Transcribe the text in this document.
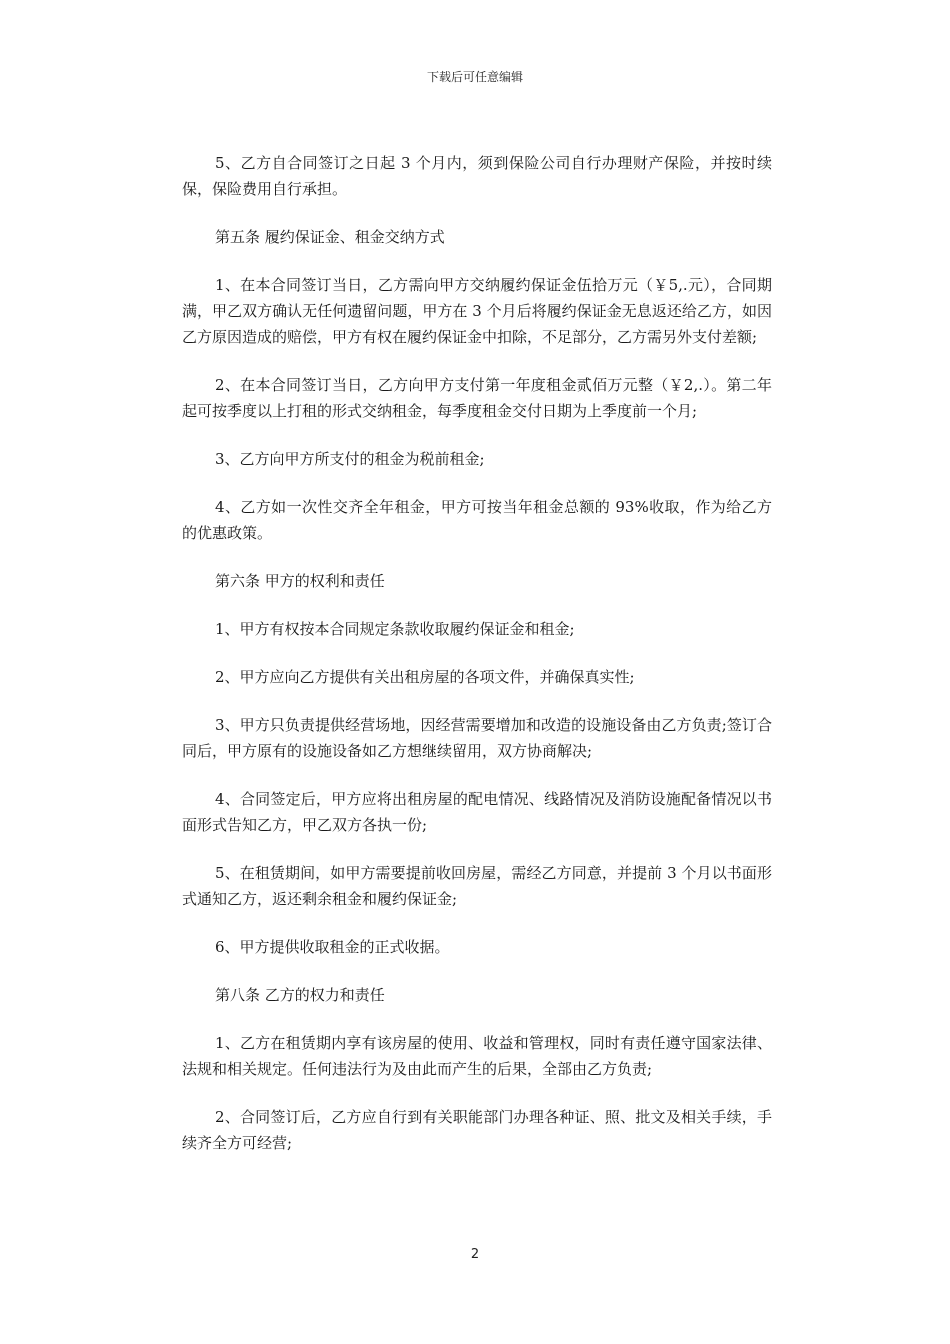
下载后可任意编辑

5、乙方自合同签订之日起 3 个月内，须到保险公司自行办理财产保险，并按时续保，保险费用自行承担。

第五条 履约保证金、租金交纳方式

1、在本合同签订当日，乙方需向甲方交纳履约保证金伍拾万元（￥5,.元），合同期满，甲乙双方确认无任何遗留问题，甲方在 3 个月后将履约保证金无息返还给乙方，如因乙方原因造成的赔偿，甲方有权在履约保证金中扣除，不足部分，乙方需另外支付差额;

2、在本合同签订当日，乙方向甲方支付第一年度租金贰佰万元整（￥2,.）。第二年起可按季度以上打租的形式交纳租金，每季度租金交付日期为上季度前一个月;

3、乙方向甲方所支付的租金为税前租金;

4、乙方如一次性交齐全年租金，甲方可按当年租金总额的 93%收取，作为给乙方的优惠政策。

第六条 甲方的权利和责任

1、甲方有权按本合同规定条款收取履约保证金和租金;

2、甲方应向乙方提供有关出租房屋的各项文件，并确保真实性;

3、甲方只负责提供经营场地，因经营需要增加和改造的设施设备由乙方负责;签订合同后，甲方原有的设施设备如乙方想继续留用，双方协商解决;

4、合同签定后，甲方应将出租房屋的配电情况、线路情况及消防设施配备情况以书面形式告知乙方，甲乙双方各执一份;

5、在租赁期间，如甲方需要提前收回房屋，需经乙方同意，并提前 3 个月以书面形式通知乙方，返还剩余租金和履约保证金;

6、甲方提供收取租金的正式收据。

第八条 乙方的权力和责任

1、乙方在租赁期内享有该房屋的使用、收益和管理权，同时有责任遵守国家法律、法规和相关规定。任何违法行为及由此而产生的后果，全部由乙方负责;

2、合同签订后，乙方应自行到有关职能部门办理各种证、照、批文及相关手续，手续齐全方可经营;

2
